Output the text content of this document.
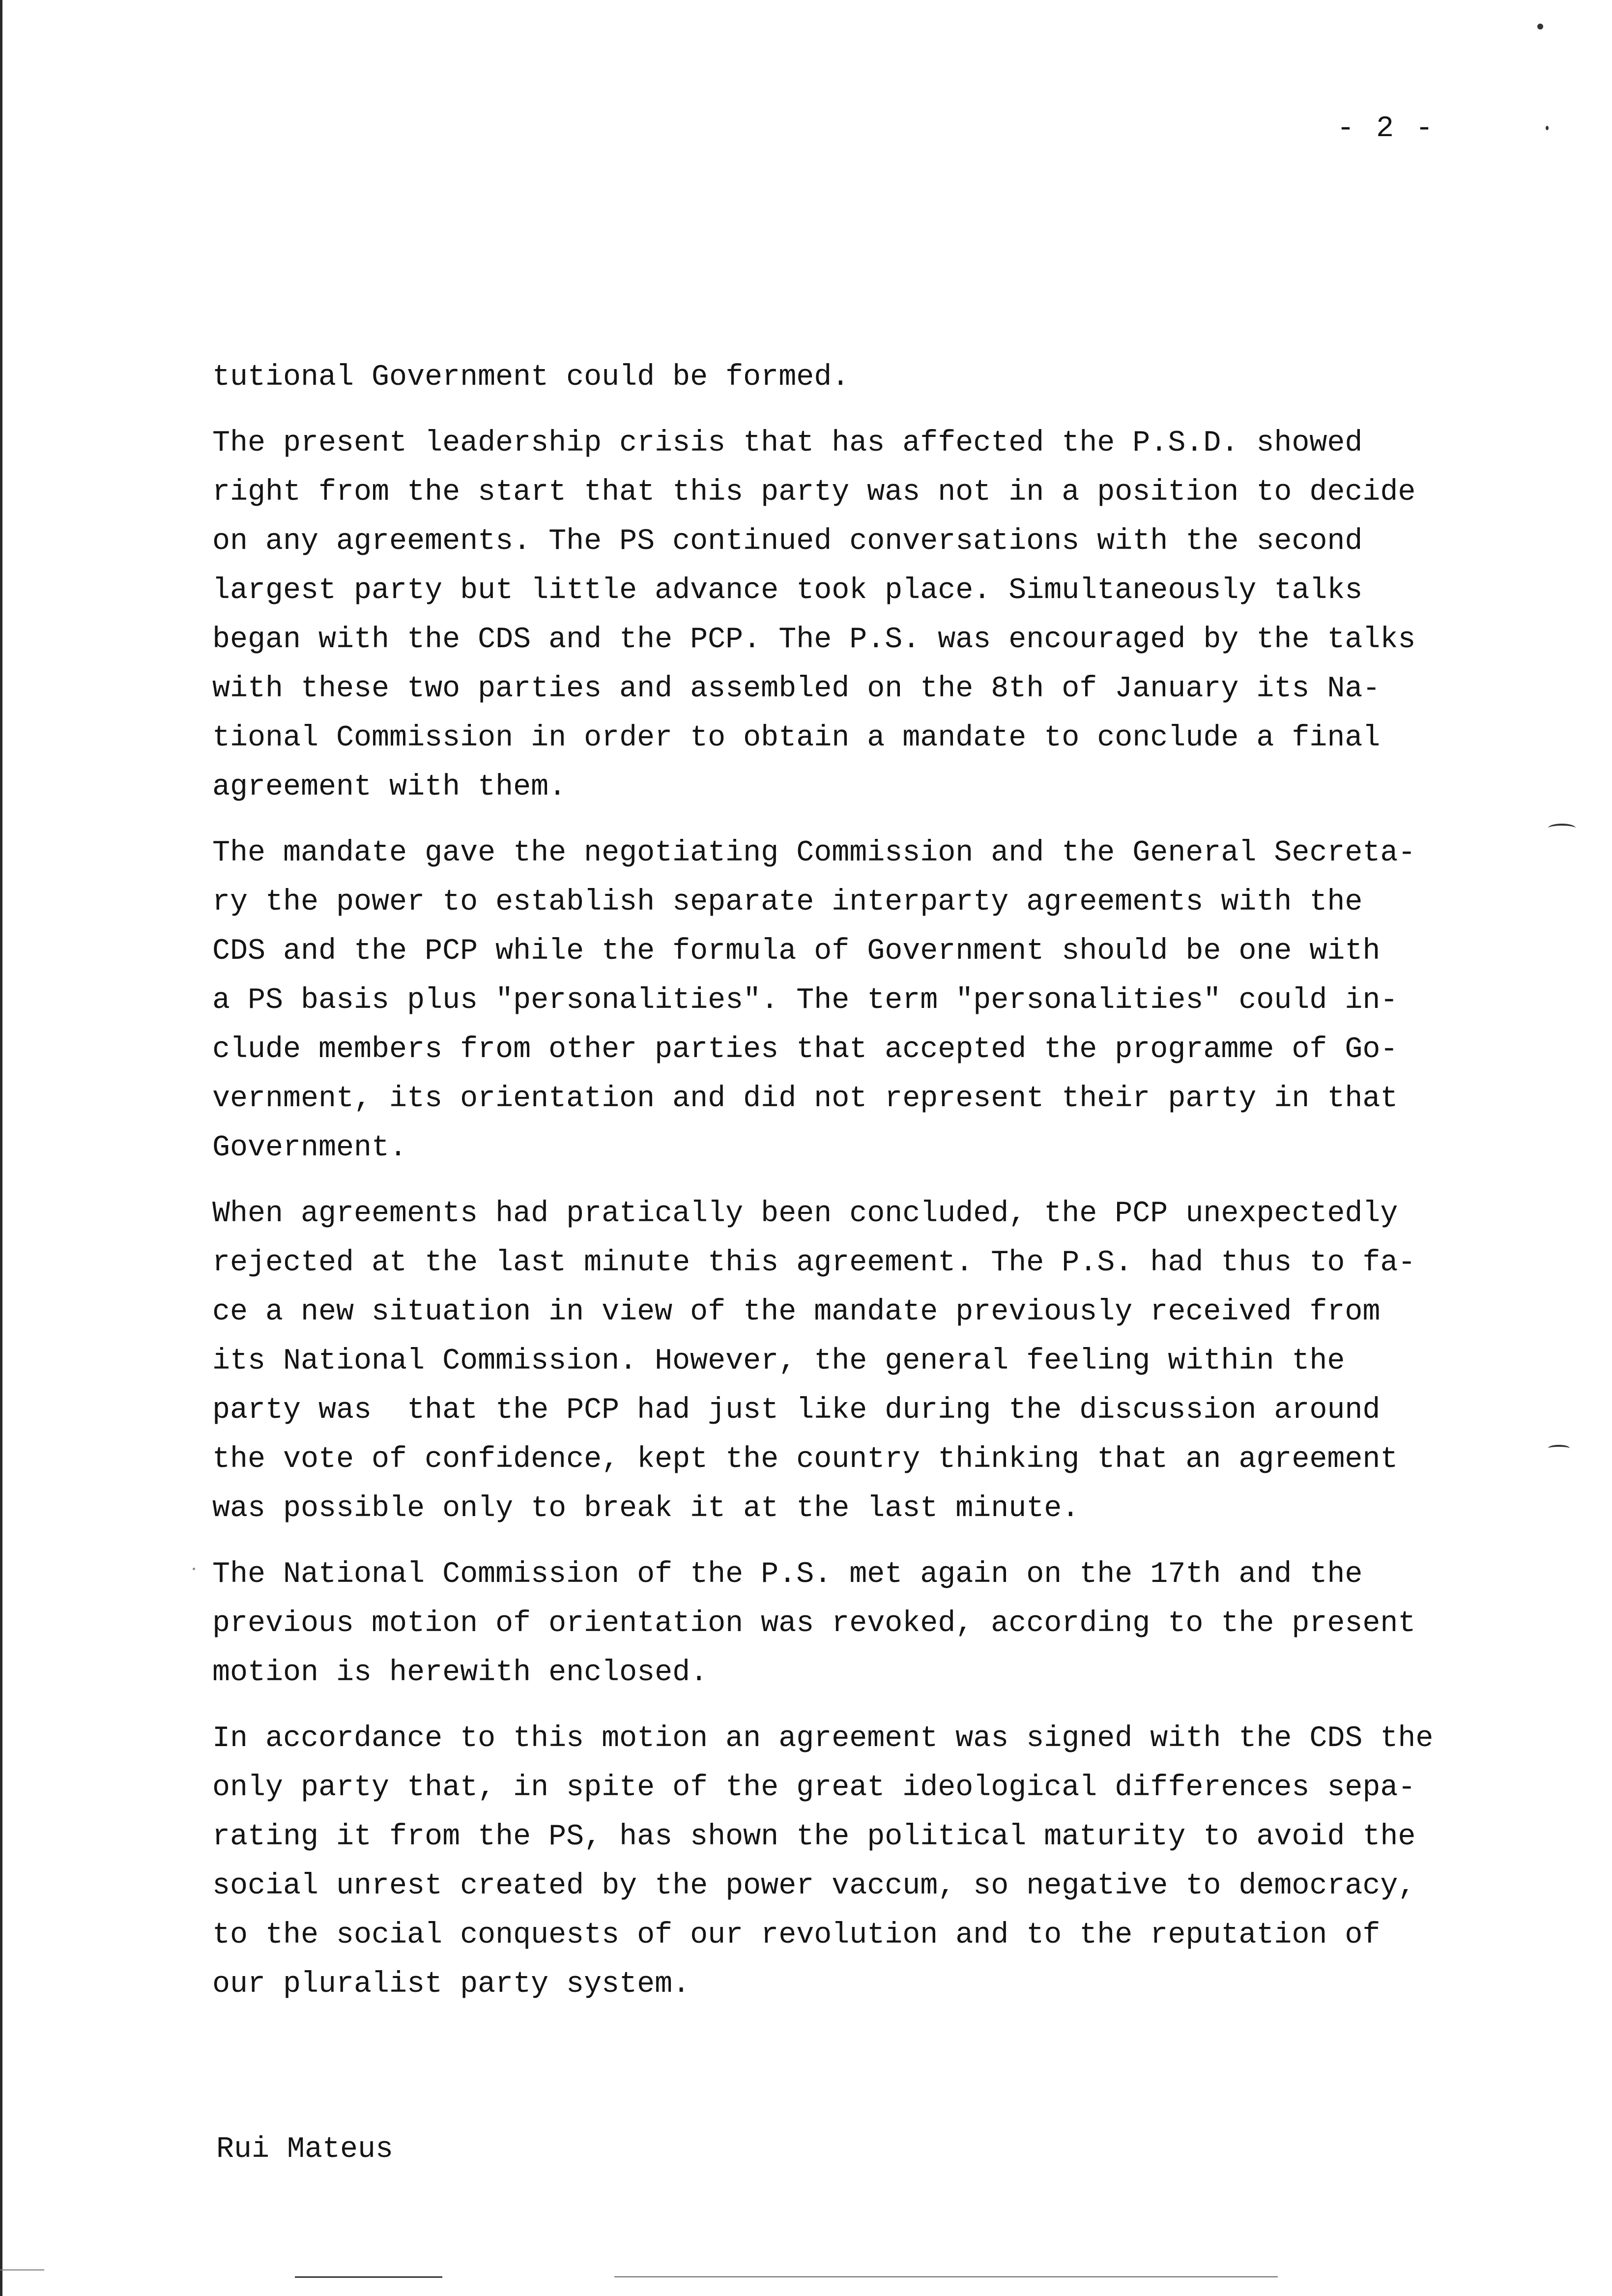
- 2 -
tutional Government could be formed.
The present leadership crisis that has affected the P.S.D. showed
right from the start that this party was not in a position to decide
on any agreements. The PS continued conversations with the second
largest party but little advance took place. Simultaneously talks
began with the CDS and the PCP. The P.S. was encouraged by the talks
with these two parties and assembled on the 8th of January its Na-
tional Commission in order to obtain a mandate to conclude a final
agreement with them.
The mandate gave the negotiating Commission and the General Secreta-
ry the power to establish separate interparty agreements with the
CDS and the PCP while the formula of Government should be one with
a PS basis plus "personalities". The term "personalities" could in-
clude members from other parties that accepted the programme of Go-
vernment, its orientation and did not represent their party in that
Government.
When agreements had pratically been concluded, the PCP unexpectedly
rejected at the last minute this agreement. The P.S. had thus to fa-
ce a new situation in view of the mandate previously received from
its National Commission. However, the general feeling within the
party was  that the PCP had just like during the discussion around
the vote of confidence, kept the country thinking that an agreement
was possible only to break it at the last minute.
The National Commission of the P.S. met again on the 17th and the
previous motion of orientation was revoked, according to the present
motion is herewith enclosed.
In accordance to this motion an agreement was signed with the CDS the
only party that, in spite of the great ideological differences sepa-
rating it from the PS, has shown the political maturity to avoid the
social unrest created by the power vaccum, so negative to democracy,
to the social conquests of our revolution and to the reputation of
our pluralist party system.
Rui Mateus
